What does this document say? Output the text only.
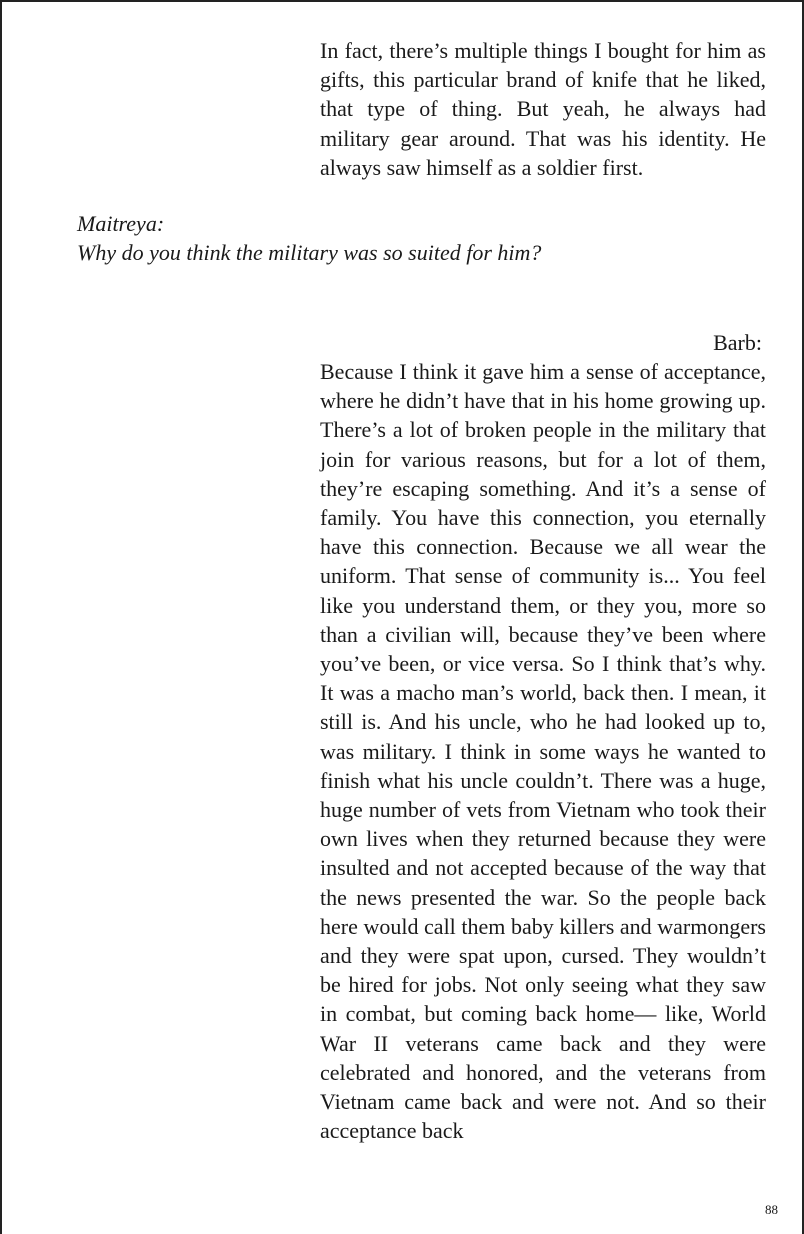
In fact, there’s multiple things I bought for him as gifts, this particular brand of knife that he liked, that type of thing. But yeah, he always had military gear around. That was his identity. He always saw himself as a soldier first.
Maitreya:
Why do you think the military was so suited for him?
Barb:
Because I think it gave him a sense of acceptance, where he didn’t have that in his home growing up. There’s a lot of broken people in the military that join for various reasons, but for a lot of them, they’re escaping something. And it’s a sense of family. You have this connection, you eternally have this connection. Because we all wear the uniform. That sense of community is... You feel like you understand them, or they you, more so than a civilian will, because they’ve been where you’ve been, or vice versa. So I think that’s why. It was a macho man’s world, back then. I mean, it still is. And his uncle, who he had looked up to, was military. I think in some ways he wanted to finish what his uncle couldn’t. There was a huge, huge number of vets from Vietnam who took their own lives when they returned because they were insulted and not accepted because of the way that the news presented the war. So the people back here would call them baby killers and warmongers and they were spat upon, cursed. They wouldn’t be hired for jobs. Not only seeing what they saw in combat, but coming back home— like, World War II veterans came back and they were celebrated and honored, and the veterans from Vietnam came back and were not. And so their acceptance back
88
